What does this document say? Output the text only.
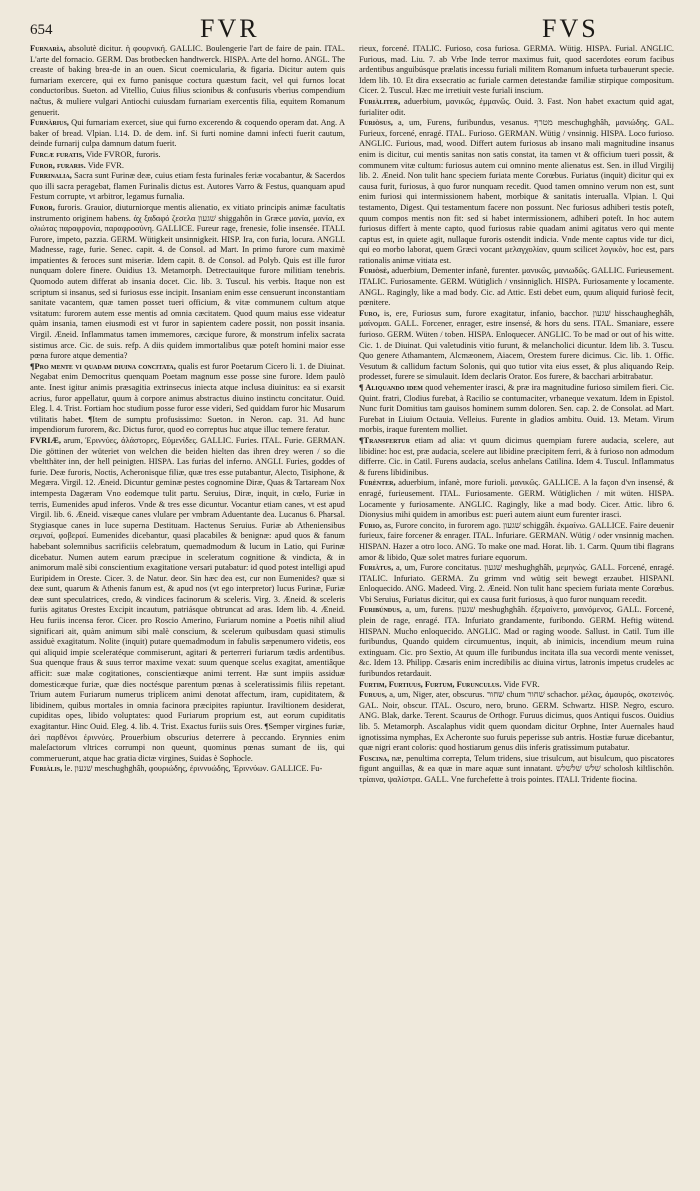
654	FVR	FVS

Furnarìa, absolutè dicitur. ἡ φουρνική. GALLIC. Boulengerie l'art de faire de pain. ITAL. L'arte del fornacio. GERM. Das brotbecken handtwerck. HISPA. Arte del horno. ANGL. The creaste of baking brea-de in an ouen. Sicut coemicularia, & figaria. Dicitur autem quis furnariam exercere, qui ex furno panisque coctura quæstum facit, vel qui furnos locat conductoribus. Sueton. ad Vitellio, Cuius filius scionibus & confusuris vberius compendium naĉtus, & muliere vulgari Antiochi cuiusdam furnariam exercentis filia, equitem Romanum genuerit.

Furnàrius, Qui furnariam exercet, siue qui furno excerendo & coquendo operam dat. Ang. A baker of bread. Vlpian. l.14. D. de dem. inf. Si furti nomine damni infecti fuerit cautum, deinde furnarij culpa damnum datum fuerit.

Furcæ furatis, Vide FVROR, furoris.

Furor, furaris. Vide FVR.

Furrinalia, Sacra sunt Furinæ deæ, cuius etiam festa furinales feriæ vocabantur, & Sacerdos quo illi sacra peragebat, flamen Furinalis dictus est. Autores Varro & Festus, quanquam apud Festum corrupte, vt arbitror, legamus furnalia.

Furor, furoris. Grauior, diuturniorque mentis alienatio, ex vitiato principis animæ facultatis instrumento originem habens. ἀχ ξαδαφό ζεσελα שׁגעון shiggahôn in Græce μανία, μανία, ex ολιώτας παραφρονία, παραφροσύνη. GALLICE. Fureur rage, frenesie, folie insensée. ITALI. Furore, impeto, pazzia. GERM. Wütigkeit unsinnigkeit. HISP. Ira, con furia, locura. ANGLI. Madnesse, rage, furie. Senec. capit. 4. de Consol. ad Mart. In primo furore cum maximè impatientes & feroces sunt miseriæ. Idem capit. 8. de Consol. ad Polyb. Quis est ille furor nunquam dolere finere. Ouidius 13. Metamorph. Detrectauitque furore militiam tenebris. Quomodo autem differat ab insania docet. Cic. lib. 3. Tuscul. his verbis. Itaque non est scriptum si insanus, sed si furiosus esse incipit. Insaniam enim esse censuerunt inconstantiam sanitate vacantem, quæ tamen posset tueri officium, & vitæ communem cultum atque vsitatum: furorem autem esse mentis ad omnia cæcitatem. Quod quum maius esse videatur quàm insania, tamen eiusmodi est vt furor in sapientem cadere possit, non possit insania. Virgil. Æneid. Inflammatus tamen immemores, cæcique furore, & monstrum infelix sacrata sistimus arce. Cic. de suis. refp. A diis quidem immortalibus quæ poteſt homini maior esse pœna furore atque dementia?

¶Pro mente vi quadam diuina concitata, qualis est furor Poetarum Cicero li. 1. de Diuinat. Negabat enim Democritus quenquam Poetam magnum esse posse sine furore. Idem paulò ante. Inest igitur animis præsagitia extrinsecus iniecta atque inclusa diuinitus: ea si exarsit acrius, furor appellatur, quum à corpore animus abstractus diuino instinctu concitatur. Ouid. Eleg. l. 4. Trist. Fortiam hoc studium posse furor esse videri, Sed quiddam furor hic Musarum vtilitatis habet. ¶Item de sumptu profusissimo: Sueton. in Neron. cap. 31. Ad hunc impendiorum furorem, &c. Dictus furor, quod eo correptus huc atque illuc temere feratur.

FVRIÆ, arum, Ἐριννύες, ἀλάστορες, Εὐμενίδες. GALLIC. Furies. ITAL. Furie. GERMAN. Die göttinen der wüteriet von welchen die beiden hielten das ihren drey weren / so die vbeltthäter inn, der hell peinigten. HISPA. Las furias del inferno. ANGLI. Furies, goddes of furie. Deæ furoris, Noctis, Acheronisque filiæ, quæ tres esse putabantur, Alecto, Tisiphone, & Megæra. Virgil. 12. Æneid. Dicuntur geminæ pestes cognomine Diræ, Quas & Tartaream Nox intempesta Dagæram Vno eodemque tulit partu. Seruius, Diræ, inquit, in cœlo, Furiæ in terris, Eumenides apud inferos. Vnde & tres esse dicuntur. Vocantur etiam canes, vt est apud Virgil. lib. 6. Æneid. visæque canes vlulare per vmbram Aduentante dea. Lucanus 6. Pharsal. Stygiasque canes in luce superna Destituam. Hactenus Seruius. Furiæ ab Atheniensibus σεμναί, φοβεραί. Eumenides dicebantur, quasi placabiles & benignæ: apud quos & fanum habebant solemnibus sacrificiis celebratum, quemadmodum & lucum in Latio, qui Furinæ dicebatur. Numen autem earum præcipue in sceleratum cognitione & vindicta, & in animorum malè sibi conscientium exagitatione versari putabatur: id quod potest intelligi apud Euripidem in Oreste. Cicer. 3. de Natur. deor. Sin hæc dea est, cur non Eumenides? quæ si deæ sunt, quarum & Athenis fanum est, & apud nos (vt ego interpretor) lucus Furinæ, Furiæ deæ sunt speculatrices, credo, & vindices facinorum & sceleris. Virg. 3. Æneid. & sceleris furiis agitatus Orestes Excipit incautum, patriásque obtruncat ad aras. Idem lib. 4. Æneid. Heu furiis incensa feror. Cicer. pro Roscio Amerino, Furiarum nomine a Poetis nihil aliud significari ait, quàm animum sibi malè conscium, & scelerum quibusdam quasi stimulis assiduè exagitatum. Nolite (inquit) putare quemadmodum in fabulis sæpenumero videtis, eos qui aliquid impie sceleratéque commiserunt, agitari & perterreri furiarum tædis ardentibus. Sua quenque fraus & suus terror maxime vexat: suum quenque scelus exagitat, amentiâque afficit: suæ malæ cogitationes, conscientiæque animi terrent. Hæ sunt impiis assiduæ domesticæque furiæ, quæ dies noctésque parentum pœnas à sceleratissimis filiis repetant. Trium autem Furiarum numerus triplicem animi denotat affectum, iram, cupiditatem, & libidinem, quibus mortales in omnia facinora præcipites rapiuntur. Iraviltionem desiderat, cupiditas opes, libido voluptates: quod Furiarum proprium est, aut eorum cupiditatis exagitantur. Hinc Ouid. Eleg. 4. lib. 4. Trist. Exactus furiis suis Ores. ¶Semper virgines furiæ, ἀεὶ παρθένοι ἐριννύες. Prouerbium obscurius deterrere à peccando. Erynnies enim maleſactorum vltrices corrumpi non queunt, quominus pœnas sumant de iis, qui commeruerunt, atque hac gratia dictæ virgines, Suidas è Sophocle.

Furiàlis, le. שׁגעון meschughghâh, φουριώδης, ἐριννυώδης, Ἐριννύων. GALLICE. Fu-

rieux, forcené. ITALIC. Furioso, cosa furiosa. GERMA. Wütig. HISPA. Furial. ANGLIC. Furious, mad. Liu. 7. ab Vrbe Inde terror maximus fuit, quod sacerdotes eorum facibus ardentibus anguibúsque prælatis incessu furiali militem Romanum infueta turbauerunt specie. Idem lib. 10. Et dira exsecratio ac furiale carmen detestandæ familiæ stirpique compositum. Cicer. 2. Tuscul. Hæc me irretiuit veste furiali inscium.

Furiàliter, aduerbium, μανικῶς, ἐμμανῶς. Ouid. 3. Fast. Non habet exactum quid agat, furialiter odit.

Furiòsus, a, um, Furens, furibundus, vesanus. מטרף meschughghâh, μανιώδης. GAL. Furieux, forcené, enragé. ITAL. Furioso. GERMAN. Wütig / vnsinnig. HISPA. Loco furioso. ANGLIC. Furious, mad, wood. Differt autem furiosus ab insano mali magnitudine insanus enim is dicitur, cui mentis sanitas non satis constat, ita tamen vt & officium tueri possit, & communem vitæ cultum: furiosus autem cui omnino mente alienatus est. Sen. in illud Virgilij lib. 2. Æneid. Non tulit hanc speciem furiata mente Corœbus. Furiatus (inquit) dicitur qui ex causa furit, furiosus, à quo furor nunquam recedit. Quod tamen omnino verum non est, sunt enim furiosi qui intermissionem habent, morbique & sanitatis interualla. Vlpian. l. Qui testamento, Digest. Qui testamentum facere non possunt. Nec furiosus adhiberi testis poteſt, quum compos mentis non fit: sed si habet intermissionem, adhiberi poteſt. In hoc autem furiosus differt à mente capto, quod furiosus rabie quadam animi agitatus vero qui mente captus est, in quiete agit, nullaque furoris ostendit indicia. Vnde mente captus vide tur dici, qui eo morbo laborat, quem Græci vocant μελαγχολίαν, quum scilicet λογικὸν, hoc est, pars rationalis animæ vitiata est.

Furiòsè, aduerbium, Dementer infanè, furenter. μανικῶς, μανιωδῶς. GALLIC. Furieusement. ITALIC. Furiosamente. GERM. Wütiglich / vnsinniglich. HISPA. Furiosamente y locamente. ANGL. Ragingly, like a mad body. Cic. ad Attic. Esti debet eum, quum aliquid furiosè fecit, pœnitere.

Furo, is, ere, Furiosus sum, furore exagitatur, infanio, bacchor. שׁגעון hisschaugheghâh, μαίνομαι. GALL. Forcener, enrager, estre insensé, & hors du sens. ITAL. Smaniare, essere furioso. GERM. Wüten / toben. HISPA. Enloquecer. ANGLIC. To be mad or out of his witte. Cic. 1. de Diuinat. Qui valetudinis vitio furunt, & melancholici dicuntur. Idem lib. 3. Tuscu. Quo genere Athamantem, Alcmæonem, Aiacem, Orestem furere dicimus. Cic. lib. 1. Offic. Vesutum & callidum factum Solonis, qui quo tutior vita eius esset, & plus aliquando Reip. prodesset, furere se simulauit. Idem declaris Orator. Eos furere, & bacchari arbitrabatur.

¶ Aliquando idem quod vehementer irasci, & præ ira magnitudine furioso similem fieri. Cic. Quint. fratri, Clodius furebat, à Racilio se contumaciter, vrbaneque vexatum. Idem in Epistol. Nunc furit Domitius tam gauisos hominem summ doloren. Sen. cap. 2. de Consolat. ad Mart. Furebat in Liuium Octauia. Velleius. Furente in gladios ambitu. Ouid. 13. Metam. Virum morbis, iraque furentem molliet.

¶Transfertur etiam ad alia: vt quum dicimus quempiam furere audacia, scelere, aut libidine: hoc est, præ audacia, scelere aut libidine præcipitem ferri, & à furioso non admodum differre. Cic. in Catil. Furens audacia, scelus anhelans Catilina. Idem 4. Tuscul. Inflammatus & furens libidinibus.

Furènter, aduerbium, infanè, more furioli. μανικῶς. GALLICE. A la façon d'vn insensé, & enragé, furieusement. ITAL. Furiosamente. GERM. Wütiglichen / mit wüten. HISPA. Locamente y furiosamente. ANGLIC. Ragingly, like a mad body. Cicer. Attic. libro 6. Dionysius mihi quidem in amoribus est: puerì autem aiunt eum furenter irasci.

Furio, as, Furore concito, in furorem ago. שׁגעון schiggâh. ἐκμαίνω. GALLICE. Faire deuenir furieux, faire forcener & enrager. ITAL. Infuriare. GERMAN. Wütig / oder vnsinnig machen. HISPAN. Hazer a otro loco. ANG. To make one mad. Horat. lib. 1. Carm. Quum tibi flagrans amor & libido, Quæ solet matres furiare equorum.

Furiàtus, a, um, Furore concitatus. שׁגעון meshughghâh, μεμηνώς. GALL. Forcené, enragé. ITALIC. Infuriato. GERMA. Zu grimm vnd wütig seit bewegt erzaubet. HISPANI. Enloquecido. ANG. Madeed. Virg. 2. Æneid. Non tulit hanc speciem furiata mente Corœbus. Vbi Seruius, Furiatus dicitur, qui ex causa furit furiosus, à quo furor nunquam recedit.

Furibúndus, a, um, furens. שׁגעון meshughghâh. ἐξεμαίνετο, μαινόμενος. GALL. Forcené, plein de rage, enragé. ITA. Infuriato grandamente, furibondo. GERM. Heftig wütend. HISPAN. Mucho enloquecido. ANGLIC. Mad or raging woode. Sallust. in Catil. Tum ille furibundus, Quando quidem circumuentus, inquit, ab inimicis, incendium meum ruina extinguam. Cic. pro Sextio, At quum ille furibundus incitata illa sua vecordi mente venisset, &c. Idem 13. Philipp. Cæsaris enim incredibilis ac diuina virtus, latronis impetus crudeles ac furibundos retardauit.

Furtim, Furtiuus, Furtum, Furunculus. Vide FVR.

Furuus, a, um, Niger, ater, obscurus. שׁחור chum שׁחור schachor. μέλας, ἀμαυρός, σκοτεινός. GAL. Noir, obscur. ITAL. Oscuro, nero, bruno. GERM. Schwartz. HISP. Negro, escuro. ANG. Blak, darke. Terent. Scaurus de Orthogr. Furuus dicimus, quos Antiqui fuscos. Ouidius lib. 5. Metamorph. Ascalaphus vidit quem quondam dicitur Orphne, Inter Auernales haud ignotissima nymphas, Ex Acheronte suo furuis peperisse sub antris. Hostiæ furuæ dicebantur, quæ nigri erant coloris: quod hostiarum genus diis inferis gratissimum putabatur.

Fuscina, næ, penultima correpta, Telum tridens, siue trisulcum, aut bisulcum, quo piscatores figunt anguillas, & ea quæ in mare aquæ sunt innatant. שׁלשׁ שׁלשׁלש scholosh kiltlischôn. τρίαινα, ψαλίστρα. GALL. Vne furchefette à trois pointes. ITALI. Tridente fiocina.
